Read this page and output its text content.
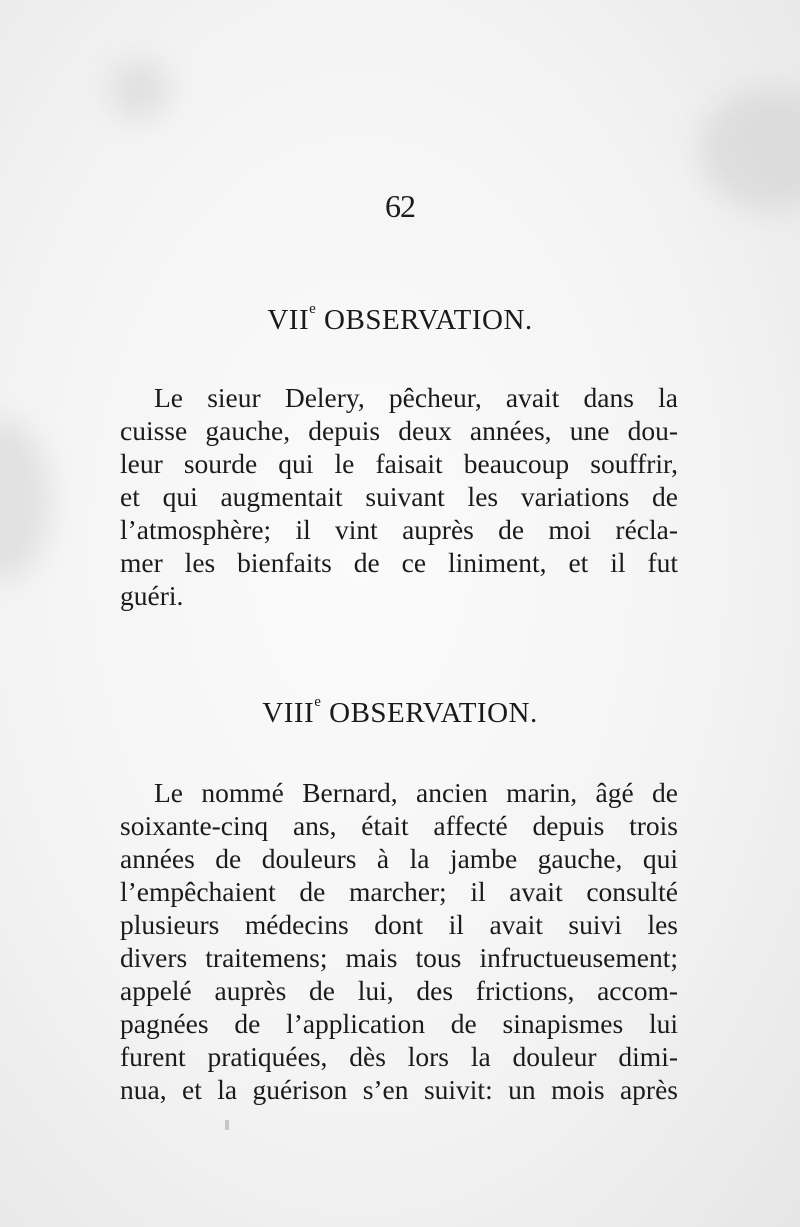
62
VIIe OBSERVATION.
Le sieur Delery, pêcheur, avait dans la
cuisse gauche, depuis deux années, une dou-
leur sourde qui le faisait beaucoup souffrir,
et qui augmentait suivant les variations de
l’atmosphère; il vint auprès de moi récla-
mer les bienfaits de ce liniment, et il fut
guéri.
VIIIe OBSERVATION.
Le nommé Bernard, ancien marin, âgé de
soixante-cinq ans, était affecté depuis trois
années de douleurs à la jambe gauche, qui
l’empêchaient de marcher; il avait consulté
plusieurs médecins dont il avait suivi les
divers traitemens; mais tous infructueusement;
appelé auprès de lui, des frictions, accom-
pagnées de l’application de sinapismes lui
furent pratiquées, dès lors la douleur dimi-
nua, et la guérison s’en suivit: un mois après
